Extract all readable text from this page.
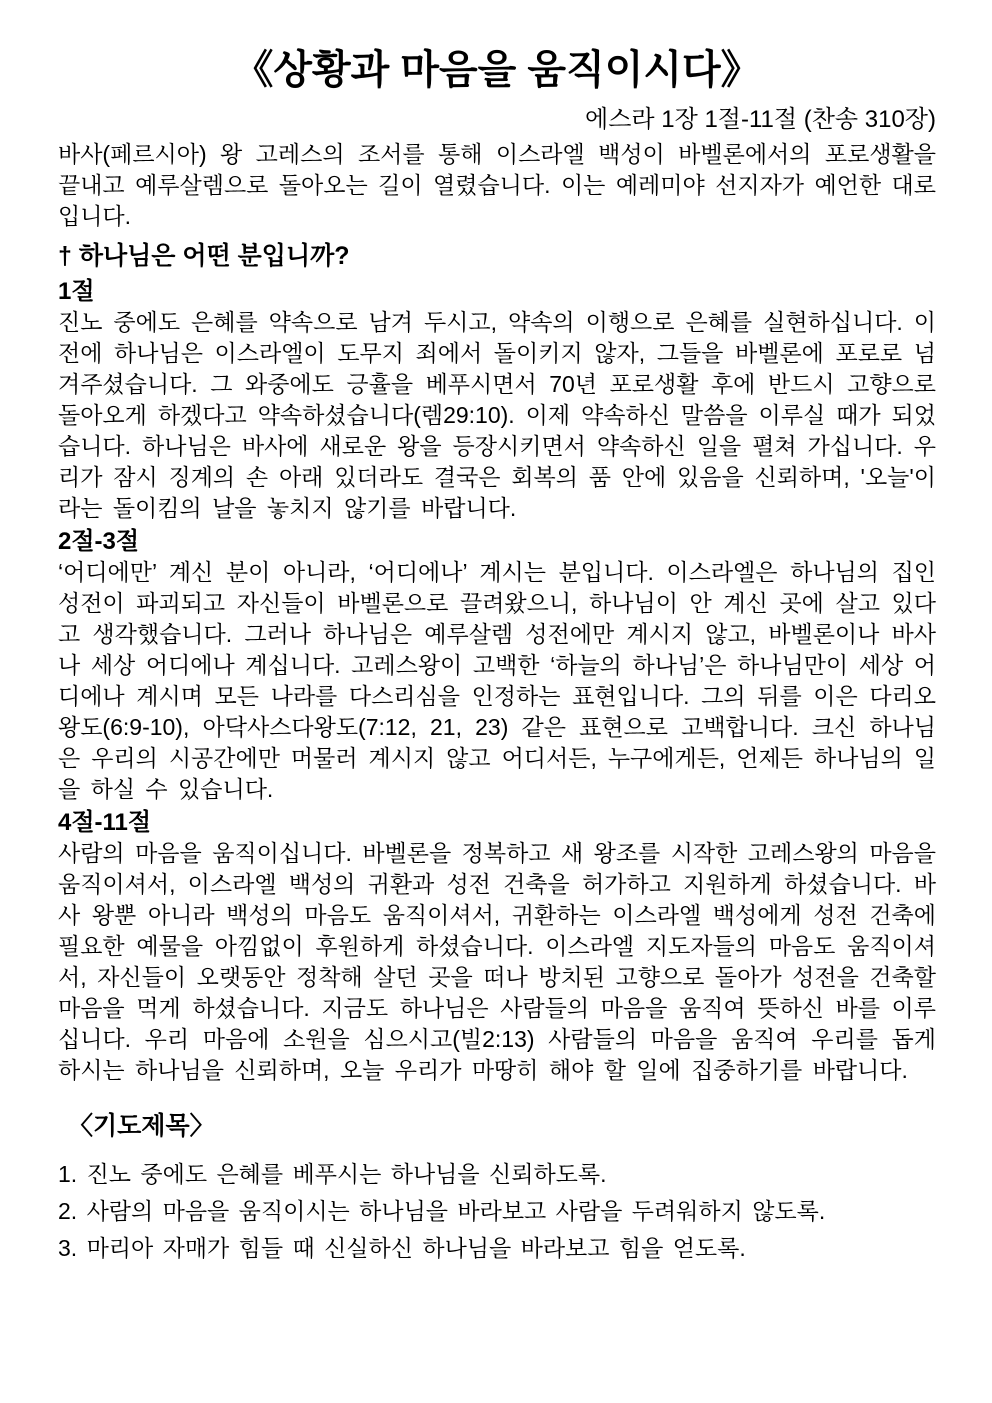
《상황과 마음을 움직이시다》
에스라 1장 1절-11절 (찬송 310장)

바사(페르시아) 왕 고레스의 조서를 통해 이스라엘 백성이 바벨론에서의 포로생활을 끝내고 예루살렘으로 돌아오는 길이 열렸습니다. 이는 예레미야 선지자가 예언한 대로입니다.

† 하나님은 어떤 분입니까?
1절

진노 중에도 은혜를 약속으로 남겨 두시고, 약속의 이행으로 은혜를 실현하십니다. 이전에 하나님은 이스라엘이 도무지 죄에서 돌이키지 않자, 그들을 바벨론에 포로로 넘겨주셨습니다. 그 와중에도 긍휼을 베푸시면서 70년 포로생활 후에 반드시 고향으로 돌아오게 하겠다고 약속하셨습니다(렘29:10). 이제 약속하신 말씀을 이루실 때가 되었습니다. 하나님은 바사에 새로운 왕을 등장시키면서 약속하신 일을 펼쳐 가십니다. 우리가 잠시 징계의 손 아래 있더라도 결국은 회복의 품 안에 있음을 신뢰하며, '오늘'이라는 돌이킴의 날을 놓치지 않기를 바랍니다.

2절-3절

‘어디에만’ 계신 분이 아니라, ‘어디에나’ 계시는 분입니다. 이스라엘은 하나님의 집인 성전이 파괴되고 자신들이 바벨론으로 끌려왔으니, 하나님이 안 계신 곳에 살고 있다고 생각했습니다. 그러나 하나님은 예루살렘 성전에만 계시지 않고, 바벨론이나 바사나 세상 어디에나 계십니다. 고레스왕이 고백한 ‘하늘의 하나님’은 하나님만이 세상 어디에나 계시며 모든 나라를 다스리심을 인정하는 표현입니다. 그의 뒤를 이은 다리오왕도(6:9-10), 아닥사스다왕도(7:12, 21, 23) 같은 표현으로 고백합니다. 크신 하나님은 우리의 시공간에만 머물러 계시지 않고 어디서든, 누구에게든, 언제든 하나님의 일을 하실 수 있습니다.

4절-11절

사람의 마음을 움직이십니다. 바벨론을 정복하고 새 왕조를 시작한 고레스왕의 마음을 움직이셔서, 이스라엘 백성의 귀환과 성전 건축을 허가하고 지원하게 하셨습니다. 바사 왕뿐 아니라 백성의 마음도 움직이셔서, 귀환하는 이스라엘 백성에게 성전 건축에 필요한 예물을 아낌없이 후원하게 하셨습니다. 이스라엘 지도자들의 마음도 움직이셔서, 자신들이 오랫동안 정착해 살던 곳을 떠나 방치된 고향으로 돌아가 성전을 건축할 마음을 먹게 하셨습니다. 지금도 하나님은 사람들의 마음을 움직여 뜻하신 바를 이루십니다. 우리 마음에 소원을 심으시고(빌2:13) 사람들의 마음을 움직여 우리를 돕게 하시는 하나님을 신뢰하며, 오늘 우리가 마땅히 해야 할 일에 집중하기를 바랍니다.

〈기도제목〉
1. 진노 중에도 은혜를 베푸시는 하나님을 신뢰하도록.
2. 사람의 마음을 움직이시는 하나님을 바라보고 사람을 두려워하지 않도록.
3. 마리아 자매가 힘들 때 신실하신 하나님을 바라보고 힘을 얻도록.
